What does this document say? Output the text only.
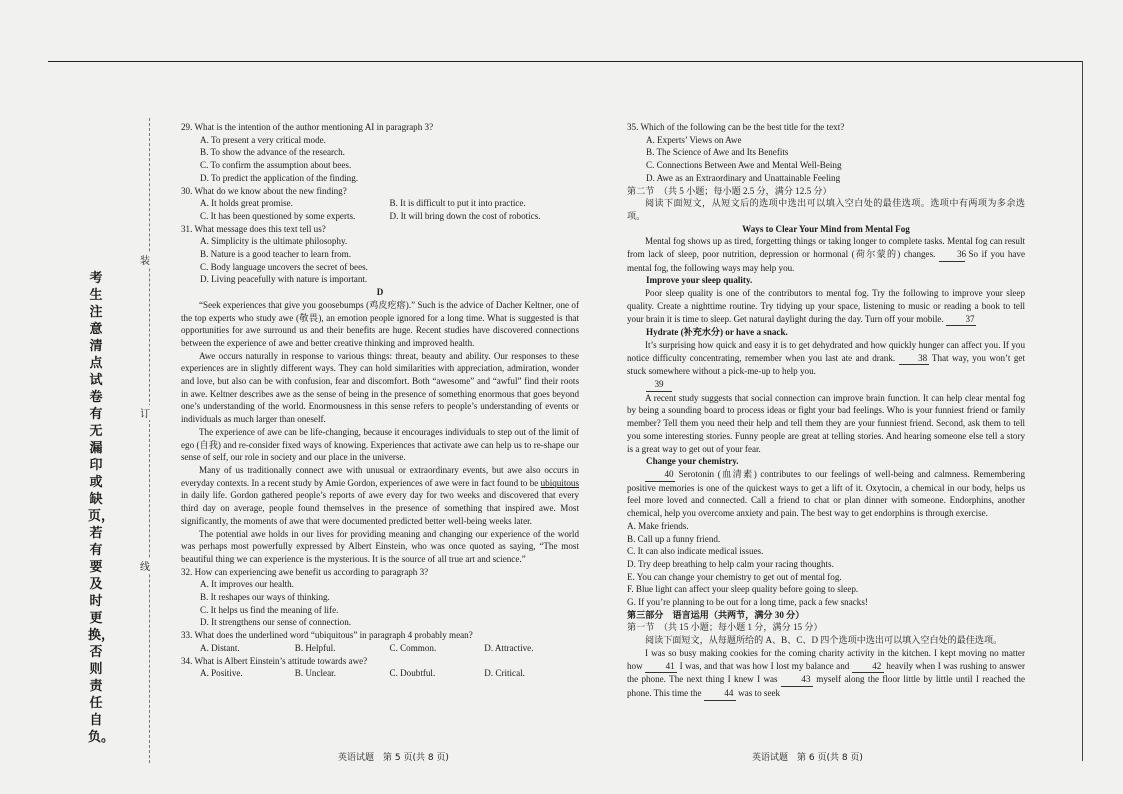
考生注意清点试卷有无漏印或缺页，若有要及时更换，否则责任自负。
装
订
线

29. What is the intention of the author mentioning AI in paragraph 3?

A. To present a very critical mode.

B. To show the advance of the research.

C. To confirm the assumption about bees.

D. To predict the application of the finding.

30. What do we know about the new finding?

A. It holds great promise.	B. It is difficult to put it into practice.
C. It has been questioned by some experts.	D. It will bring down the cost of robotics.

31. What message does this text tell us?

A. Simplicity is the ultimate philosophy.

B. Nature is a good teacher to learn from.

C. Body language uncovers the secret of bees.

D. Living peacefully with nature is important.

D

“Seek experiences that give you goosebumps (鸡皮疙瘩).” Such is the advice of Dacher Keltner, one of the top experts who study awe (敬畏), an emotion people ignored for a long time. What is suggested is that opportunities for awe surround us and their benefits are huge. Recent studies have discovered connections between the experience of awe and better creative thinking and improved health.

Awe occurs naturally in response to various things: threat, beauty and ability. Our responses to these experiences are in slightly different ways. They can hold similarities with appreciation, admiration, wonder and love, but also can be with confusion, fear and discomfort. Both “awesome” and “awful” find their roots in awe. Keltner describes awe as the sense of being in the presence of something enormous that goes beyond one’s understanding of the world. Enormousness in this sense refers to people’s understanding of events or individuals as much larger than oneself.

The experience of awe can be life-changing, because it encourages individuals to step out of the limit of ego (自我) and re-consider fixed ways of knowing. Experiences that activate awe can help us to re-shape our sense of self, our role in society and our place in the universe.

Many of us traditionally connect awe with unusual or extraordinary events, but awe also occurs in everyday contexts. In a recent study by Amie Gordon, experiences of awe were in fact found to be ubiquitous in daily life. Gordon gathered people’s reports of awe every day for two weeks and discovered that every third day on average, people found themselves in the presence of something that inspired awe. Most significantly, the moments of awe that were documented predicted better well-being weeks later.

The potential awe holds in our lives for providing meaning and changing our experience of the world was perhaps most powerfully expressed by Albert Einstein, who was once quoted as saying, “The most beautiful thing we can experience is the mysterious. It is the source of all true art and science.”

32. How can experiencing awe benefit us according to paragraph 3?

A. It improves our health.

B. It reshapes our ways of thinking.

C. It helps us find the meaning of life.

D. It strengthens our sense of connection.

33. What does the underlined word “ubiquitous” in paragraph 4 probably mean?

A. Distant.	B. Helpful.	C. Common.	D. Attractive.

34. What is Albert Einstein’s attitude towards awe?

A. Positive.	B. Unclear.	C. Doubtful.	D. Critical.
英语试题　第 5 页(共 8 页)

35. Which of the following can be the best title for the text?

A. Experts’ Views on Awe

B. The Science of Awe and Its Benefits

C. Connections Between Awe and Mental Well-Being

D. Awe as an Extraordinary and Unattainable Feeling

第二节　（共 5 小题；每小题 2.5 分，满分 12.5 分）

阅读下面短文，从短文后的选项中选出可以填入空白处的最佳选项。选项中有两项为多余选项。

Ways to Clear Your Mind from Mental Fog

Mental fog shows up as tired, forgetting things or taking longer to complete tasks. Mental fog can result from lack of sleep, poor nutrition, depression or hormonal (荷尔蒙的) changes. 36 So if you have mental fog, the following ways may help you.

Improve your sleep quality.

Poor sleep quality is one of the contributors to mental fog. Try the following to improve your sleep quality. Create a nighttime routine. Try tidying up your space, listening to music or reading a book to tell your brain it is time to sleep. Get natural daylight during the day. Turn off your mobile. 37

Hydrate (补充水分) or have a snack.

It’s surprising how quick and easy it is to get dehydrated and how quickly hunger can affect you. If you notice difficulty concentrating, remember when you last ate and drank.	38 That way, you won’t get stuck somewhere without a pick-me-up to help you.

39

A recent study suggests that social connection can improve brain function. It can help clear mental fog by being a sounding board to process ideas or fight your bad feelings. Who is your funniest friend or family member? Tell them you need their help and tell them they are your funniest friend. Second, ask them to tell you some interesting stories. Funny people are great at telling stories. And hearing someone else tell a story is a great way to get out of your fear.

Change your chemistry.

40 Serotonin (血清素) contributes to our feelings of well-being and calmness. Remembering positive memories is one of the quickest ways to get a lift of it. Oxytocin, a chemical in our body, helps us feel more loved and connected. Call a friend to chat or plan dinner with someone. Endorphins, another chemical, help you overcome anxiety and pain. The best way to get endorphins is through exercise.

A. Make friends.

B. Call up a funny friend.

C. It can also indicate medical issues.

D. Try deep breathing to help calm your racing thoughts.

E. You can change your chemistry to get out of mental fog.

F. Blue light can affect your sleep quality before going to sleep.

G. If you’re planning to be out for a long time, pack a few snacks!

第三部分　语言运用（共两节，满分 30 分）

第一节　（共 15 小题；每小题 1 分，满分 15 分）

阅读下面短文，从每题所给的 A、B、C、D 四个选项中选出可以填入空白处的最佳选项。

I was so busy making cookies for the coming charity activity in the kitchen. I kept moving no matter how 41 I was, and that was how I lost my balance and 42 heavily when I was rushing to answer the phone. The next thing I knew I was 43 myself along the floor little by little until I reached the phone. This time the 44 was to seek

英语试题　第 6 页(共 8 页)
